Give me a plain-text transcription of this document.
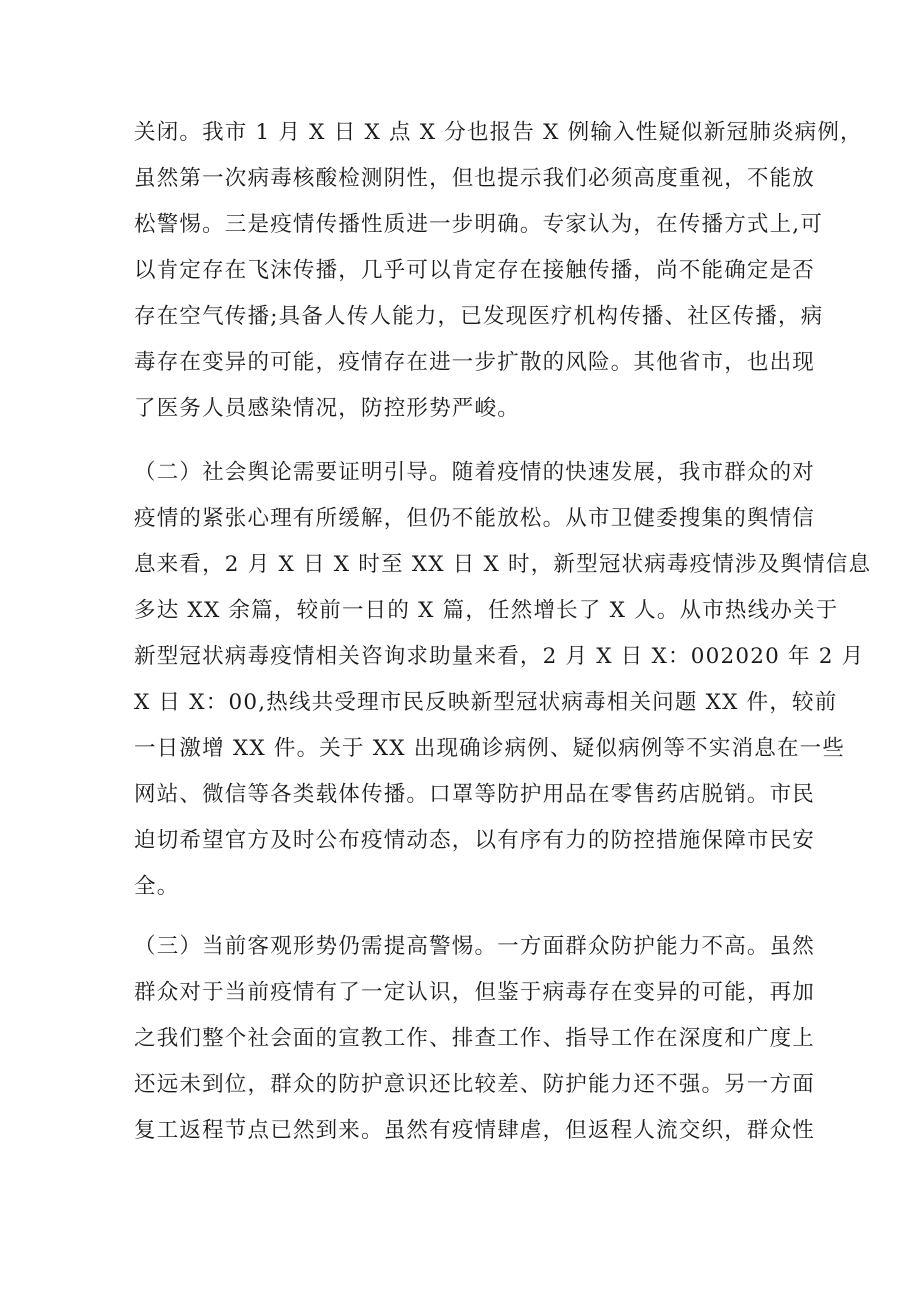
关闭。我市 1 月 X 日 X 点 X 分也报告 X 例输入性疑似新冠肺炎病例，
虽然第一次病毒核酸检测阴性，但也提示我们必须高度重视，不能放
松警惕。三是疫情传播性质进一步明确。专家认为，在传播方式上,可
以肯定存在飞沫传播，几乎可以肯定存在接触传播，尚不能确定是否
存在空气传播;具备人传人能力，已发现医疗机构传播、社区传播，病
毒存在变异的可能，疫情存在进一步扩散的风险。其他省市，也出现
了医务人员感染情况，防控形势严峻。
（二）社会舆论需要证明引导。随着疫情的快速发展，我市群众的对
疫情的紧张心理有所缓解，但仍不能放松。从市卫健委搜集的舆情信
息来看，2 月 X 日 X 时至 XX 日 X 时，新型冠状病毒疫情涉及舆情信息
多达 XX 余篇，较前一日的 X 篇，任然增长了 X 人。从市热线办关于
新型冠状病毒疫情相关咨询求助量来看，2 月 X 日 X：002020 年 2 月
X 日 X：00,热线共受理市民反映新型冠状病毒相关问题 XX 件，较前
一日激增 XX 件。关于 XX 出现确诊病例、疑似病例等不实消息在一些
网站、微信等各类载体传播。口罩等防护用品在零售药店脱销。市民
迫切希望官方及时公布疫情动态，以有序有力的防控措施保障市民安
全。
（三）当前客观形势仍需提高警惕。一方面群众防护能力不高。虽然
群众对于当前疫情有了一定认识，但鉴于病毒存在变异的可能，再加
之我们整个社会面的宣教工作、排查工作、指导工作在深度和广度上
还远未到位，群众的防护意识还比较差、防护能力还不强。另一方面
复工返程节点已然到来。虽然有疫情肆虐，但返程人流交织，群众性
